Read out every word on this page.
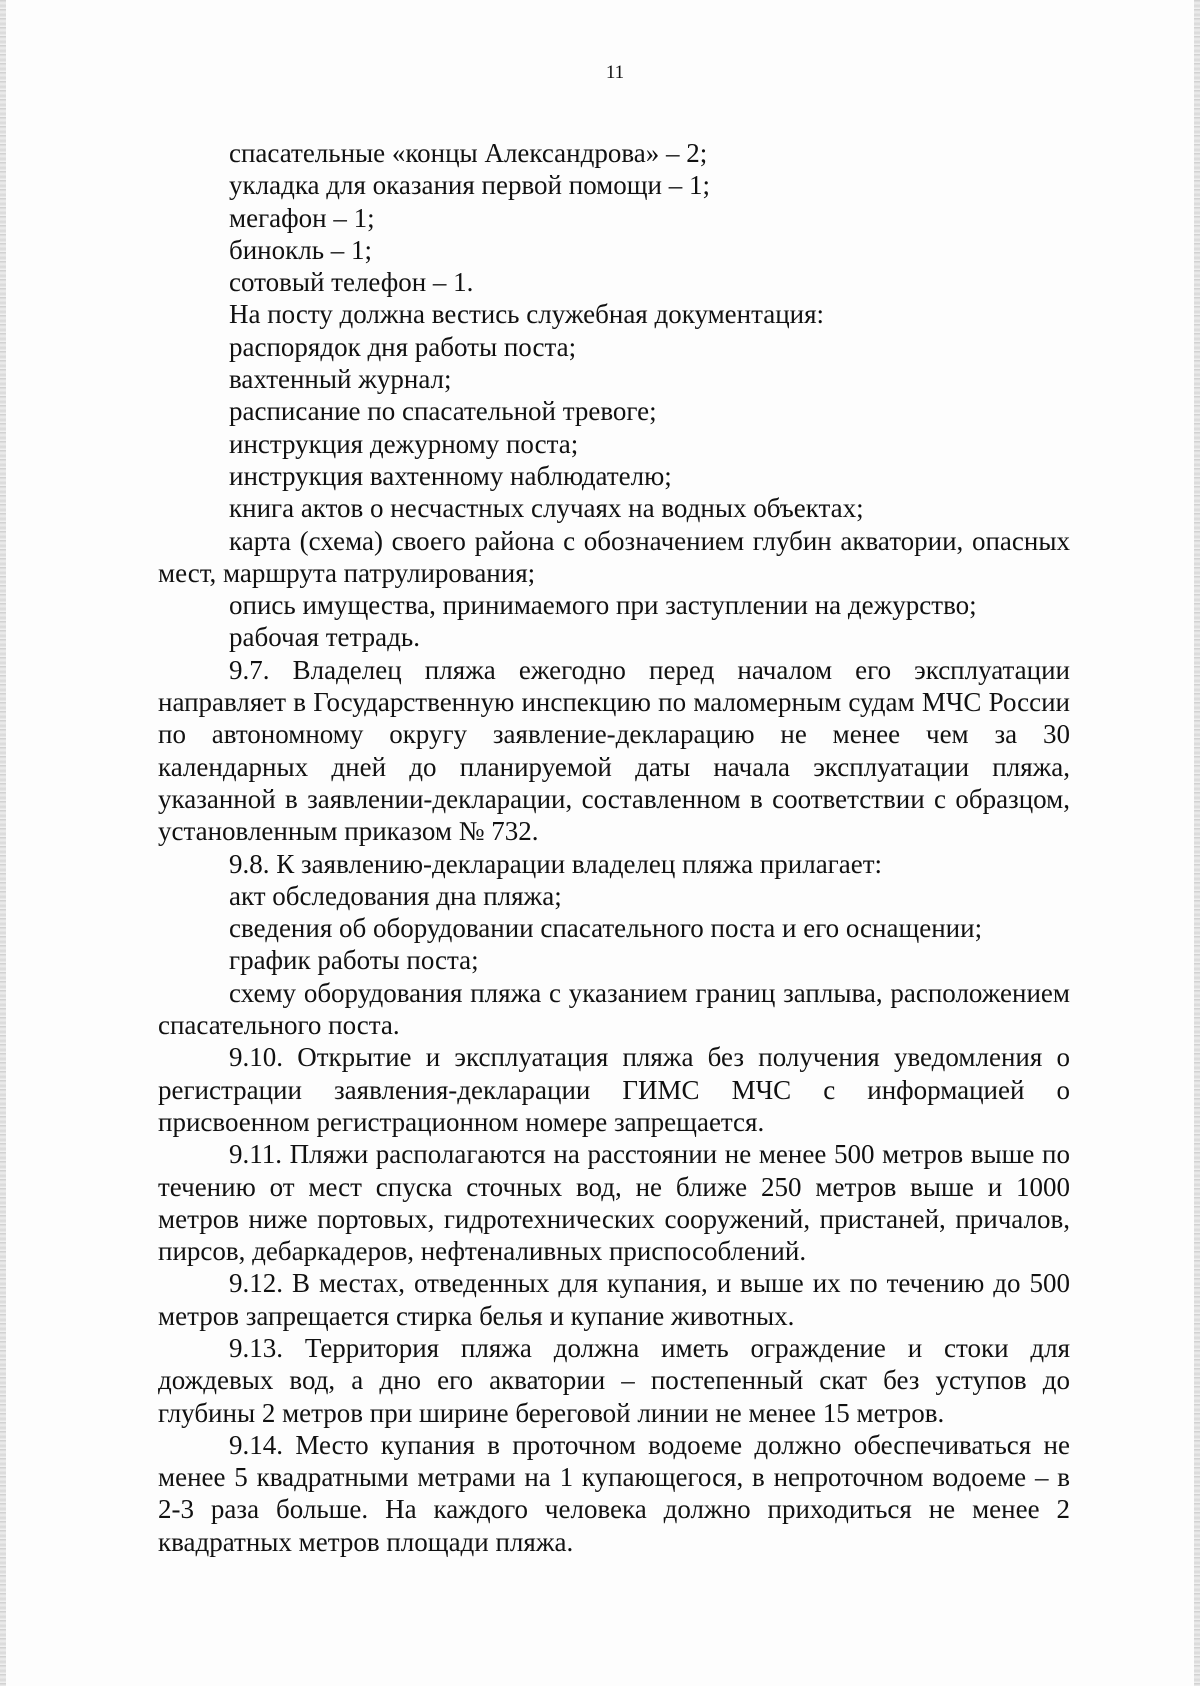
11

спасательные «концы Александрова» – 2;

укладка для оказания первой помощи – 1;

мегафон – 1;

бинокль – 1;

сотовый телефон – 1.

На посту должна вестись служебная документация:

распорядок дня работы поста;

вахтенный журнал;

расписание по спасательной тревоге;

инструкция дежурному поста;

инструкция вахтенному наблюдателю;

книга актов о несчастных случаях на водных объектах;

карта (схема) своего района с обозначением глубин акватории, опасных мест, маршрута патрулирования;

опись имущества, принимаемого при заступлении на дежурство;

рабочая тетрадь.

9.7. Владелец пляжа ежегодно перед началом его эксплуатации направляет в Государственную инспекцию по маломерным судам МЧС России по автономному округу заявление-декларацию не менее чем за 30 календарных дней до планируемой даты начала эксплуатации пляжа, указанной в заявлении-декларации, составленном в соответствии с образцом, установленным приказом № 732.

9.8. К заявлению-декларации владелец пляжа прилагает:

акт обследования дна пляжа;

сведения об оборудовании спасательного поста и его оснащении;

график работы поста;

схему оборудования пляжа с указанием границ заплыва, расположением спасательного поста.

9.10. Открытие и эксплуатация пляжа без получения уведомления о регистрации заявления-декларации ГИМС МЧС с информацией о присвоенном регистрационном номере запрещается.

9.11. Пляжи располагаются на расстоянии не менее 500 метров выше по течению от мест спуска сточных вод, не ближе 250 метров выше и 1000 метров ниже портовых, гидротехнических сооружений, пристаней, причалов, пирсов, дебаркадеров, нефтеналивных приспособлений.

9.12. В местах, отведенных для купания, и выше их по течению до 500 метров запрещается стирка белья и купание животных.

9.13. Территория пляжа должна иметь ограждение и стоки для дождевых вод, а дно его акватории – постепенный скат без уступов до глубины 2 метров при ширине береговой линии не менее 15 метров.

9.14. Место купания в проточном водоеме должно обеспечиваться не менее 5 квадратными метрами на 1 купающегося, в непроточном водоеме – в 2-3 раза больше. На каждого человека должно приходиться не менее 2 квадратных метров площади пляжа.
